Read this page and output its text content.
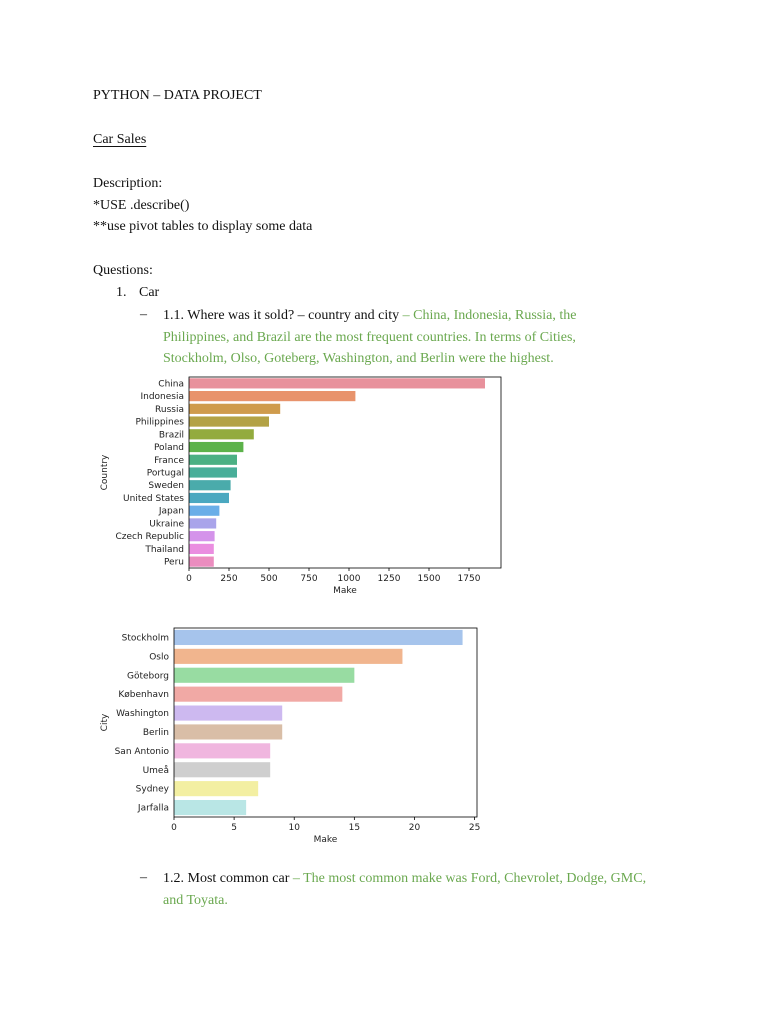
PYTHON – DATA PROJECT
Car Sales
Description:
*USE .describe()
**use pivot tables to display some data
Questions:
1. Car
– 1.1. Where was it sold? – country and city – China, Indonesia, Russia, the Philippines, and Brazil are the most frequent countries. In terms of Cities, Stockholm, Olso, Goteberg, Washington, and Berlin were the highest.
China
Indonesia
Russia
Philippines
Brazil
Poland
France
Portugal
Sweden
United States
Japan
Ukraine
Czech Republic
Thailand
Peru
0	250	500	750 1000 1250 1500 1750
Make
Country
Stockholm
Oslo
Göteborg
København
Washington
Berlin
San Antonio
Umeå
Sydney
Jarfalla
0	5	10	15	20	25
Make
City
– 1.2. Most common car – The most common make was Ford, Chevrolet, Dodge, GMC, and Toyata.
